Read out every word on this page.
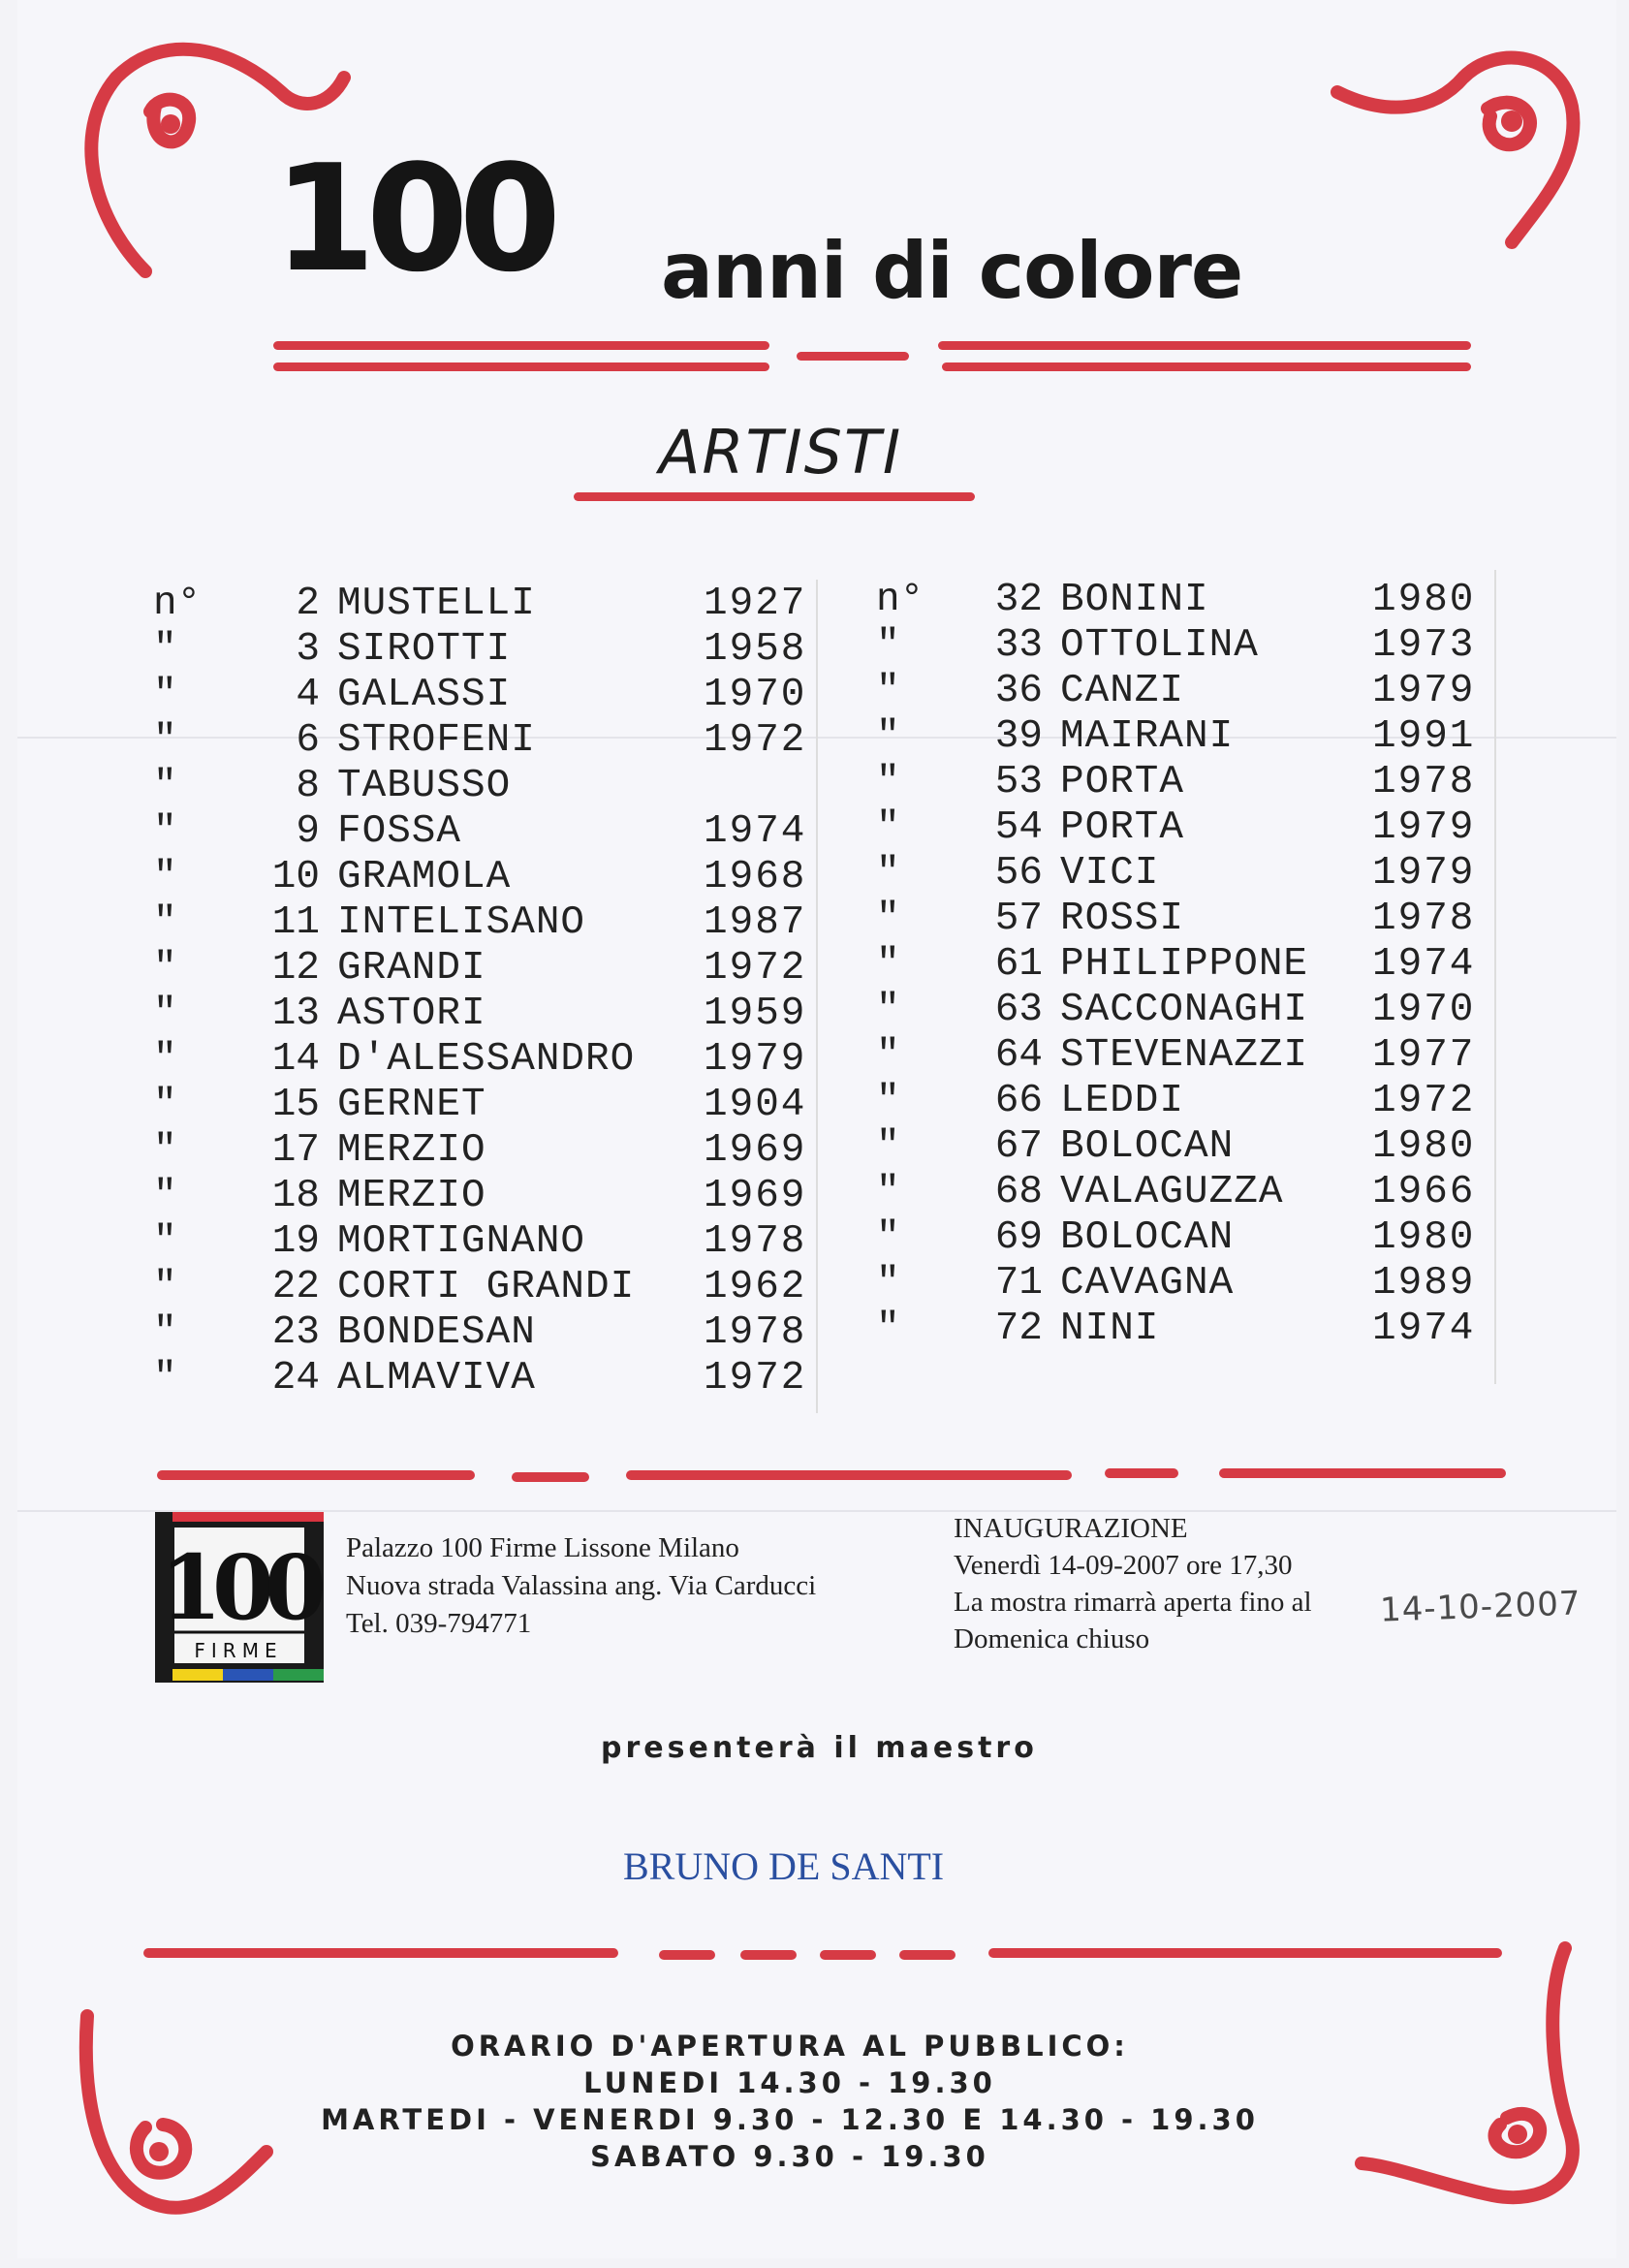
100 anni di colore
ARTISTI
n°	2	MUSTELLI	1927
"	3	SIROTTI	1958
"	4	GALASSI	1970
"	6	STROFENI	1972
"	8	TABUSSO	
"	9	FOSSA	1974
"	10	GRAMOLA	1968
"	11	INTELISANO	1987
"	12	GRANDI	1972
"	13	ASTORI	1959
"	14	D'ALESSANDRO	1979
"	15	GERNET	1904
"	17	MERZIO	1969
"	18	MERZIO	1969
"	19	MORTIGNANO	1978
"	22	CORTI GRANDI	1962
"	23	BONDESAN	1978
"	24	ALMAVIVA	1972
n°	32	BONINI	1980
"	33	OTTOLINA	1973
"	36	CANZI	1979
"	39	MAIRANI	1991
"	53	PORTA	1978
"	54	PORTA	1979
"	56	VICI	1979
"	57	ROSSI	1978
"	61	PHILIPPONE	1974
"	63	SACCONAGHI	1970
"	64	STEVENAZZI	1977
"	66	LEDDI	1972
"	67	BOLOCAN	1980
"	68	VALAGUZZA	1966
"	69	BOLOCAN	1980
"	71	CAVAGNA	1989
"	72	NINI	1974
100
FIRME
Palazzo 100 Firme Lissone Milano
Nuova strada Valassina ang. Via Carducci
Tel. 039-794771
INAUGURAZIONE
Venerdì 14-09-2007 ore 17,30
La mostra rimarrà aperta fino al
Domenica chiuso
14-10-2007
presenterà il maestro
BRUNO DE SANTI
ORARIO D'APERTURA AL PUBBLICO:
LUNEDI 14.30 - 19.30
MARTEDI - VENERDI 9.30 - 12.30 E 14.30 - 19.30
SABATO 9.30 - 19.30
